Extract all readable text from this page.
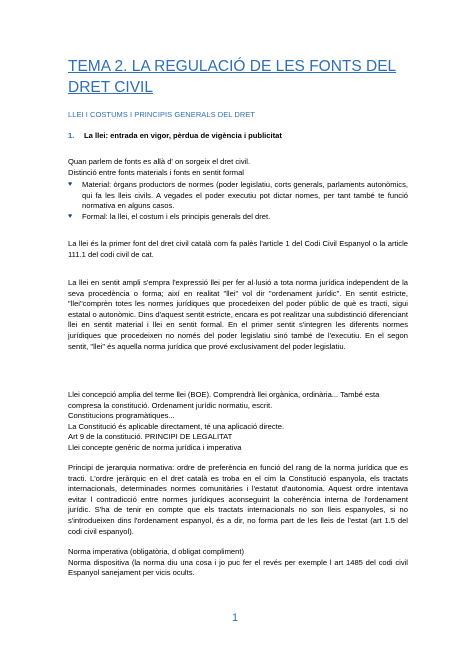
TEMA 2. LA REGULACIÓ DE LES FONTS DEL DRET CIVIL
LLEI I COSTUMS I PRINCIPIS GENERALS DEL DRET
1. La llei: entrada en vigor, pèrdua de vigència i publicitat

Quan parlem de fonts es allà d' on sorgeix el dret civil.

Distinció entre fonts materials i fonts en sentit formal

♥	Material: òrgans productors de normes (poder legislatiu, corts generals, parlaments autonòmics, qui fa les lleis civils. A vegades el poder executiu pot dictar nomes, per tant també te funció normativa en alguns casos.
♥	Formal: la llei, el costum i els principis generals del dret.

La llei és la primer font del dret civil català com fa palès l'article 1 del Codi Civil Espanyol o la article 111.1 del codi civil de cat.

La llei en sentit ampli s'empra l'expressió llei per fer al·lusió a tota norma jurídica independent de la seva procedència o forma; així en realitat "llei" vol dir "ordenament jurídic". En sentit estricte, "llei"comprèn totes les normes jurídiques que procedeixen del poder públic de què es tracti, sigui estatal o autonòmic. Dins d'aquest sentit estricte, encara es pot realitzar una subdistinció diferenciant llei en sentit material i llei en sentit formal. En el primer sentit s'integren les diferents normes jurídiques que procedeixen no només del poder legislatiu sinó també de l'executiu. En el segon sentit, "llei" és aquella norma jurídica que prové exclusivament del poder legislatiu.

Llei concepció amplia del terme llei (BOE). Comprendrà llei orgànica, ordinària... També esta compresa la constitució. Ordenament jurídic normatiu, escrit.

Constitucions programàtiques...

La Constitució és aplicable directament, té una aplicació directe.

Art 9 de la constitució. PRINCIPI DE LEGALITAT

Llei concepte genèric de norma jurídica i imperativa

Principi de jerarquia normativa: ordre de preferència en funció del rang de la norma jurídica que es tracti. L'ordre jeràrquic en el dret català es troba en el cim la Constitució espanyola, els tractats internacionals, determinades normes comunitàries i l'estatut d'autonomia. Aquest ordre intentava evitar l contradicció entre normes jurídiques aconseguint la coherència interna de l'ordenament jurídic. S'ha de tenir en compte que els tractats internacionals no son lleis espanyoles, si no s'introdueixen dins l'ordenament espanyol, és a dir, no forma part de les lleis de l'estat (art 1.5 del codi civil espanyol).

Norma imperativa (obligatòria, d obligat compliment)

Norma dispositiva (la norma diu una cosa i jo puc fer el revés per exemple l art 1485 del codi civil Espanyol sanejament per vicis ocults.

1
